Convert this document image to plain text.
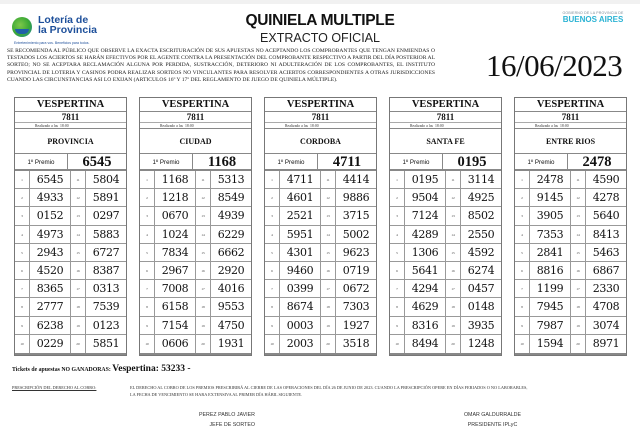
Lotería de
la Provincia
Entretenimiento para vos. Beneficios para todos.
QUINIELA MULTIPLE
EXTRACTO OFICIAL
GOBIERNO DE LA PROVINCIA DE
BUENOS AIRES
SE RECOMIENDA AL PÚBLICO QUE OBSERVE LA EXACTA ESCRITURACIÓN DE SUS APUESTAS NO ACEPTANDO LOS COMPROBANTES QUE TENGAN ENMIENDAS O TESTADOS LOS ACIERTOS SE HARÁN EFECTIVOS POR EL AGENTE CONTRA LA PRESENTACIÓN DEL COMPROBANTE RESPECTIVO A PARTIR DEL DÍA POSTERIOR AL SORTEO; NO SE ACEPTARA RECLAMACIÓN ALGUNA POR PERDIDA, SUSTRACCIÓN, DETERIORO NI ADULTERACIÓN DE LOS COMPROBANTES, EL INSTITUTO PROVINCIAL DE LOTERIA Y CASINOS PODRA REALIZAR SORTEOS NO VINCULANTES PARA RESOLVER ACIERTOS CORRESPONDIENTES A OTRAS JURISDICCIONES CUANDO LAS CIRCUNSTANCIAS ASI LO EXIJAN (ARTICULOS 16º Y 17º DEL REGLAMENTO DE JUEGO DE QUINIELA MÚLTIPLE).	16/06/2023
VESPERTINA
7811
Realizado a las 18:00
PROVINCIA
1º Premio	6545
1	6545	11	5804
2	4933	12	5891
3	0152	13	0297
4	4973	14	5883
5	2943	15	6727
6	4520	16	8387
7	8365	17	0313
8	2777	18	7539
9	6238	19	0123
10	0229	20	5851
VESPERTINA
7811
Realizado a las 18:00
CIUDAD
1º Premio	1168
1	1168	11	5313
2	1218	12	8549
3	0670	13	4939
4	1024	14	6229
5	7834	15	6662
6	2967	16	2920
7	7008	17	4016
8	6158	18	9553
9	7154	19	4750
10	0606	20	1931
VESPERTINA
7811
Realizado a las 18:00
CORDOBA
1º Premio	4711
1	4711	11	4414
2	4601	12	9886
3	2521	13	3715
4	5951	14	5002
5	4301	15	9623
6	9460	16	0719
7	0399	17	0672
8	8674	18	7303
9	0003	19	1927
10	2003	20	3518
VESPERTINA
7811
Realizado a las 18:00
SANTA FE
1º Premio	0195
1	0195	11	3114
2	9504	12	4925
3	7124	13	8502
4	4289	14	2550
5	1306	15	4592
6	5641	16	6274
7	4294	17	0457
8	4629	18	0148
9	8316	19	3935
10	8494	20	1248
VESPERTINA
7811
Realizado a las 18:00
ENTRE RIOS
1º Premio	2478
1	2478	11	4590
2	9145	12	4278
3	3905	13	5640
4	7353	14	8413
5	2841	15	5463
6	8816	16	6867
7	1199	17	2330
8	7945	18	4708
9	7987	19	3074
10	1594	20	8971
Tickets de apuestas NO GANADORAS: Vespertina: 53233 -
PRESCRIPCIÓN DEL DERECHO AL COBRO:	EL DERECHO AL COBRO DE LOS PREMIOS PRESCRIBIRÁ AL CIERRE DE LAS OPERACIONES DEL DÍA 26 DE JUNIO DE 2023. CUANDO LA PRESCRIPCIÓN OPERE EN DÍAS FERIADOS O NO LABORABLES, LA FECHA DE VENCIMIENTO SE HARA EXTENSIVA AL PRIMER DÍA HÁBIL SIGUIENTE.
PEREZ PABLO JAVIER
JEFE DE SORTEO
OMAR GALDURRALDE
PRESIDENTE IPLyC
